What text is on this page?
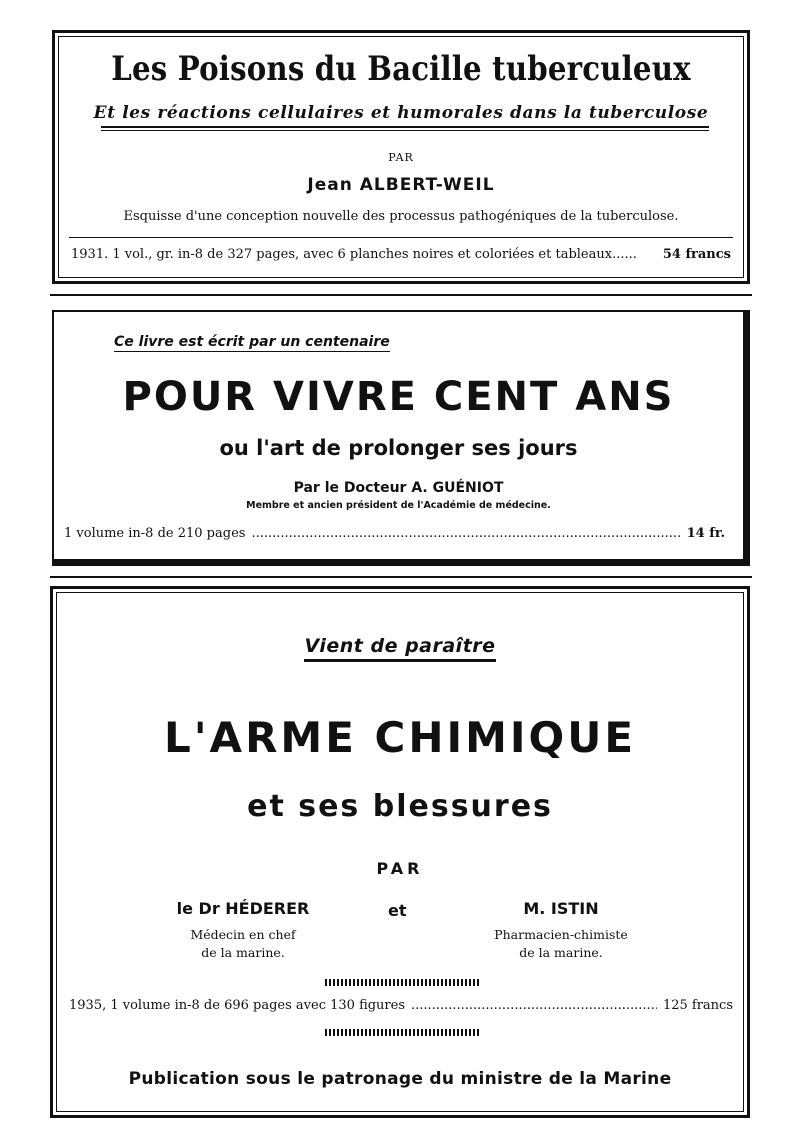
Les Poisons du Bacille tuberculeux
Et les réactions cellulaires et humorales dans la tuberculose
PAR
Jean ALBERT-WEIL
Esquisse d'une conception nouvelle des processus pathogéniques de la tuberculose.
1931. 1 vol., gr. in-8 de 327 pages, avec 6 planches noires et coloriées et tableaux...... 54 francs
Ce livre est écrit par un centenaire
POUR VIVRE CENT ANS
ou l'art de prolonger ses jours
Par le Docteur A. GUÉNIOT
Membre et ancien président de l'Académie de médecine.
1 volume in-8 de 210 pages .....	14 fr.
Vient de paraître
L'ARME CHIMIQUE
et ses blessures
PAR
le Dr HÉDERER
Médecin en chef
de la marine.
et	M. ISTIN
Pharmacien-chimiste
de la marine.
1935, 1 volume in-8 de 696 pages avec 130 figures .....	125 francs
Publication sous le patronage du ministre de la Marine
